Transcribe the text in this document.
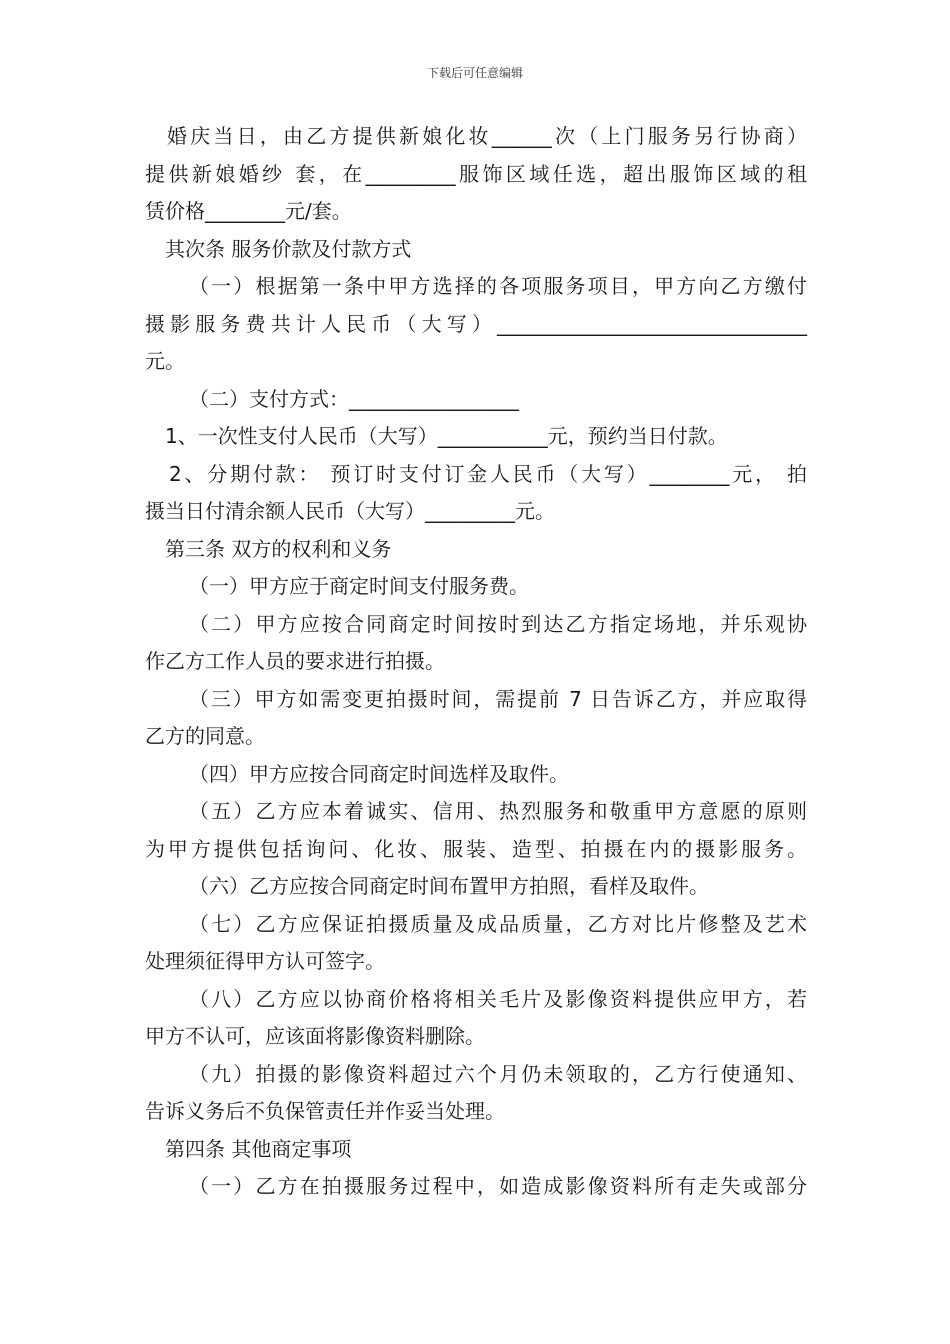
下载后可任意编辑
婚庆当日，由乙方提供新娘化妆______次（上门服务另行协商）
提供新娘婚纱 套，在_________服饰区域任选，超出服饰区域的租
赁价格________元/套。
其次条 服务价款及付款方式
（一）根据第一条中甲方选择的各项服务项目，甲方向乙方缴付
摄影服务费共计人民币（大写）_______________________________
元。
（二）支付方式：_________________
1、一次性支付人民币（大写）___________元，预约当日付款。
2、分期付款： 预订时支付订金人民币（大写）________元， 拍
摄当日付清余额人民币（大写）_________元。
第三条 双方的权利和义务
（一）甲方应于商定时间支付服务费。
（二）甲方应按合同商定时间按时到达乙方指定场地，并乐观协
作乙方工作人员的要求进行拍摄。
（三）甲方如需变更拍摄时间，需提前 7 日告诉乙方，并应取得
乙方的同意。
（四）甲方应按合同商定时间选样及取件。
（五）乙方应本着诚实、信用、热烈服务和敬重甲方意愿的原则
为甲方提供包括询问、化妆、服装、造型、拍摄在内的摄影服务。
（六）乙方应按合同商定时间布置甲方拍照，看样及取件。
（七）乙方应保证拍摄质量及成品质量，乙方对比片修整及艺术
处理须征得甲方认可签字。
（八）乙方应以协商价格将相关毛片及影像资料提供应甲方，若
甲方不认可，应该面将影像资料删除。
（九）拍摄的影像资料超过六个月仍未领取的，乙方行使通知、
告诉义务后不负保管责任并作妥当处理。
第四条 其他商定事项
（一）乙方在拍摄服务过程中，如造成影像资料所有走失或部分
